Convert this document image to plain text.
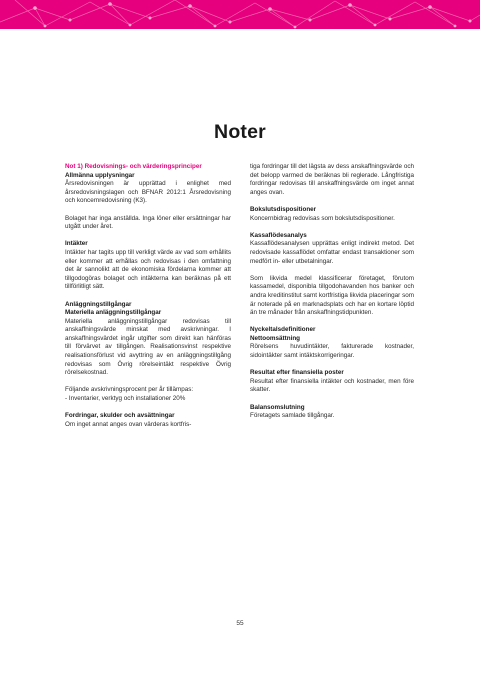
Noter
Not 1) Redovisnings- och värderingsprinciper
Allmänna upplysningar

Årsredovisningen är upprättad i enlighet med årsredovisningslagen och BFNAR 2012:1 Årsredovisning och koncernredovisning (K3).

Bolaget har inga anställda. Inga löner eller ersättningar har utgått under året.

Intäkter

Intäkter har tagits upp till verkligt värde av vad som erhållits eller kommer att erhållas och redovisas i den omfattning det är sannolikt att de ekonomiska fördelarna kommer att tillgodogöras bolaget och intäkterna kan beräknas på ett tillförlitligt sätt.

Anläggningstillgångar
Materiella anläggningstillgångar

Materiella anläggningstillgångar redovisas till anskaffningsvärde minskat med avskrivningar. I anskaffningsvärdet ingår utgifter som direkt kan hänföras till förvärvet av tillgången. Realisationsvinst respektive realisationsförlust vid avyttring av en anläggningstillgång redovisas som Övrig rörelseintäkt respektive Övrig rörelsekostnad.

Följande avskrivningsprocent per år tillämpas:

- Inventarier, verktyg och installationer 20%

Fordringar, skulder och avsättningar

Om inget annat anges ovan värderas kortfris-

tiga fordringar till det lägsta av dess anskaffningsvärde och det belopp varmed de beräknas bli reglerade. Långfristiga fordringar redovisas till anskaffningsvärde om inget annat anges ovan.

Bokslutsdispositioner

Koncernbidrag redovisas som bokslutsdispositioner.

Kassaflödesanalys

Kassaflödesanalysen upprättas enligt indirekt metod. Det redovisade kassaflödet omfattar endast transaktioner som medfört in- eller utbetalningar.

Som likvida medel klassificerar företaget, förutom kassamedel, disponibla tillgodohavanden hos banker och andra kreditinstitut samt kortfristiga likvida placeringar som är noterade på en marknadsplats och har en kortare löptid än tre månader från anskaffningstidpunkten.

Nyckeltalsdefinitioner
Nettoomsättning

Rörelsens huvudintäkter, fakturerade kostnader, sidointäkter samt intäktskorrigeringar.

Resultat efter finansiella poster

Resultat efter finansiella intäkter och kostnader, men före skatter.

Balansomslutning

Företagets samlade tillgångar.

55
